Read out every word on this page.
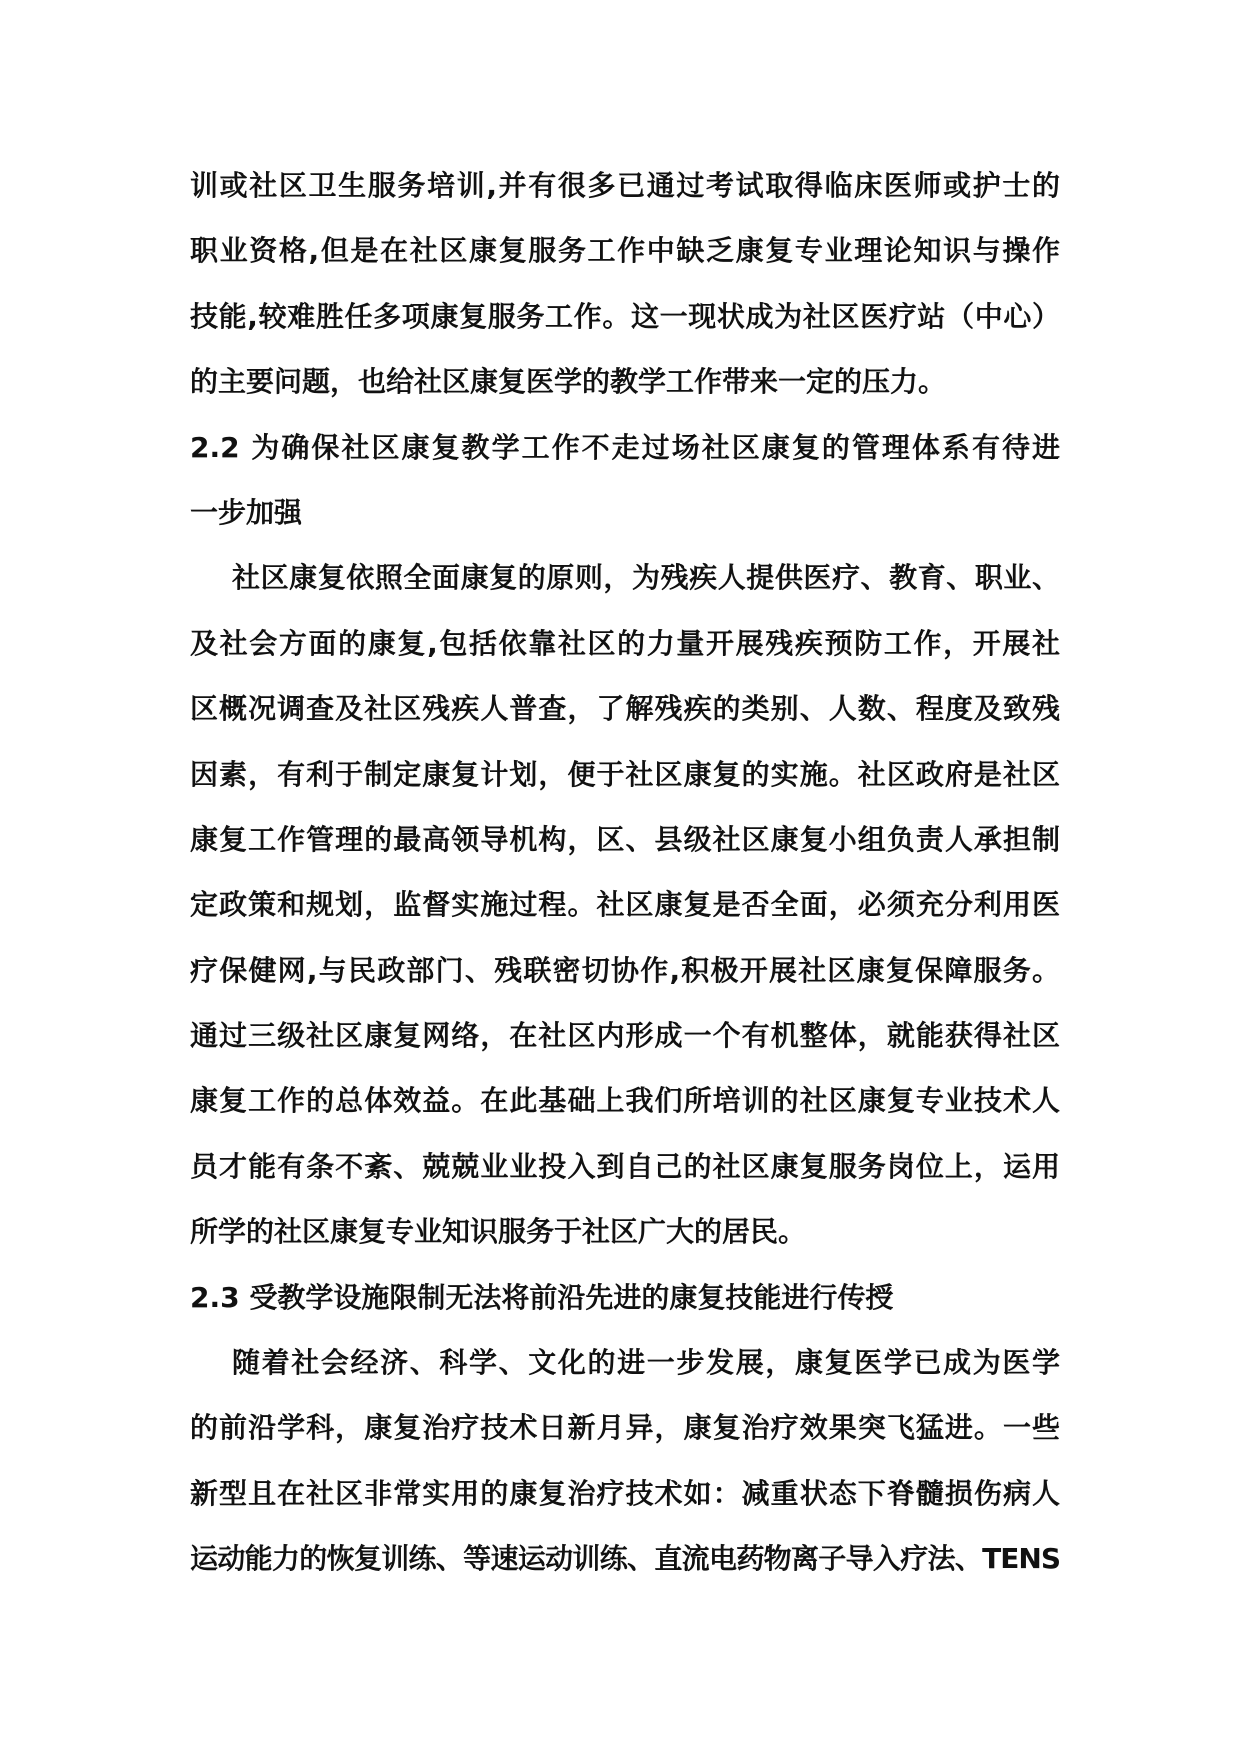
训或社区卫生服务培训,并有很多已通过考试取得临床医师或护士的
职业资格,但是在社区康复服务工作中缺乏康复专业理论知识与操作
技能,较难胜任多项康复服务工作。这一现状成为社区医疗站（中心）
的主要问题，也给社区康复医学的教学工作带来一定的压力。
2.2 为确保社区康复教学工作不走过场社区康复的管理体系有待进
一步加强
社区康复依照全面康复的原则，为残疾人提供医疗、教育、职业、
及社会方面的康复,包括依靠社区的力量开展残疾预防工作，开展社
区概况调查及社区残疾人普查，了解残疾的类别、人数、程度及致残
因素，有利于制定康复计划，便于社区康复的实施。社区政府是社区
康复工作管理的最高领导机构，区、县级社区康复小组负责人承担制
定政策和规划，监督实施过程。社区康复是否全面，必须充分利用医
疗保健网,与民政部门、残联密切协作,积极开展社区康复保障服务。
通过三级社区康复网络，在社区内形成一个有机整体，就能获得社区
康复工作的总体效益。在此基础上我们所培训的社区康复专业技术人
员才能有条不紊、兢兢业业投入到自己的社区康复服务岗位上，运用
所学的社区康复专业知识服务于社区广大的居民。
2.3 受教学设施限制无法将前沿先进的康复技能进行传授
随着社会经济、科学、文化的进一步发展，康复医学已成为医学
的前沿学科，康复治疗技术日新月异，康复治疗效果突飞猛进。一些
新型且在社区非常实用的康复治疗技术如：减重状态下脊髓损伤病人
运动能力的恢复训练、等速运动训练、直流电药物离子导入疗法、TENS
